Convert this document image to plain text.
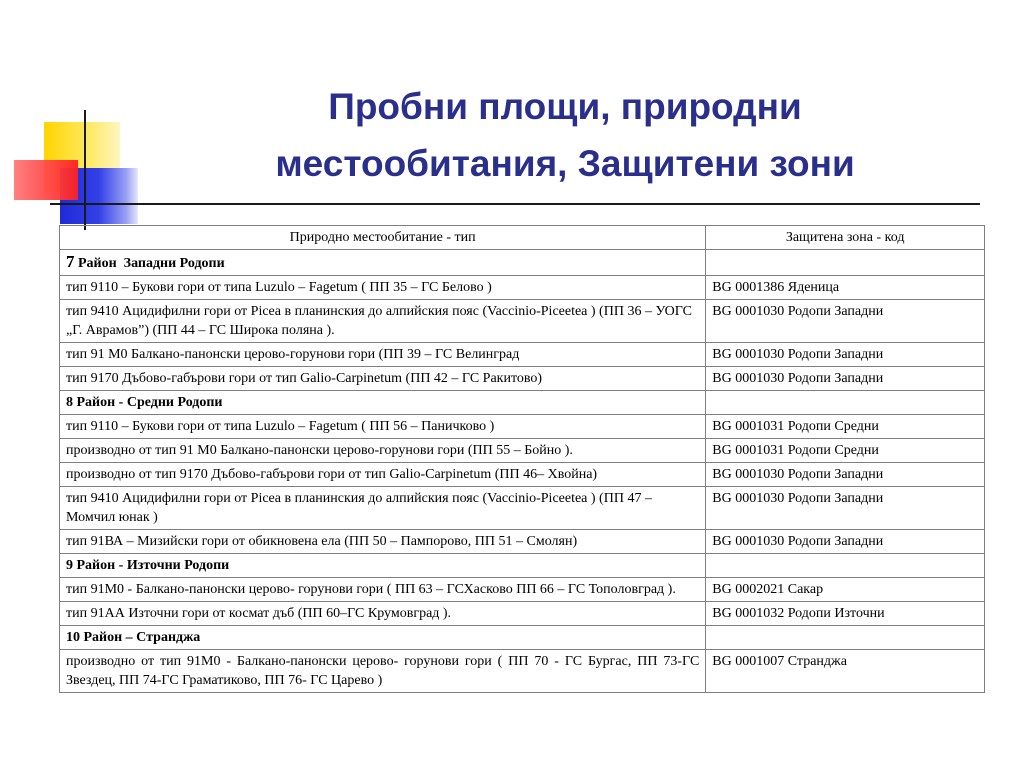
Пробни площи, природни
местообитания, Защитени зони
Природно местообитание - тип	Защитена зона - код
7 Район  Западни Родопи	
тип 9110 – Букови гори от типа Luzulo – Fagetum ( ПП 35 – ГС Белово )	BG 0001386 Яденица
тип 9410 Ацидифилни гори от Picea в планинския до алпийския пояс (Vaccinio-Piceetea ) (ПП 36 – УОГС „Г. Аврамов”) (ПП 44 – ГС Широка поляна ).	BG 0001030 Родопи Западни
тип 91 М0 Балкано-панонски церово-горунови гори (ПП 39 – ГС Велинград	BG 0001030 Родопи Западни
тип 9170 Дъбово-габърови гори от тип Galio-Carpinetum (ПП 42 – ГС Ракитово)	BG 0001030 Родопи Западни
8 Район - Средни Родопи	
тип 9110 – Букови гори от типа Luzulo – Fagetum ( ПП 56 – Паничково )	BG 0001031 Родопи Средни
производно от тип 91 М0 Балкано-панонски церово-горунови гори (ПП 55 – Бойно ).	BG 0001031 Родопи Средни
производно от тип 9170 Дъбово-габърови гори от тип Galio-Carpinetum (ПП 46– Хвойна)	BG 0001030 Родопи Западни
тип 9410 Ацидифилни гори от Picea в планинския до алпийския пояс (Vaccinio-Piceetea ) (ПП 47 –Момчил юнак )	BG 0001030 Родопи Западни
тип 91ВА – Мизийски гори от обикновена ела (ПП 50 – Пампорово, ПП 51 – Смолян)	BG 0001030 Родопи Западни
9 Район - Източни Родопи	
тип 91М0 - Балкано-панонски церово- горунови гори ( ПП 63 – ГСХасково ПП 66 – ГС Тополовград ).	BG 0002021 Сакар
тип 91АА Източни гори от космат дъб (ПП 60–ГС Крумовград ).	BG 0001032 Родопи Източни
10 Район – Странджа	
производно от тип 91М0 - Балкано-панонски церово- горунови гори ( ПП 70 - ГС Бургас, ПП 73-ГС Звездец, ПП 74-ГС Граматиково, ПП 76- ГС Царево )	BG 0001007 Странджа
